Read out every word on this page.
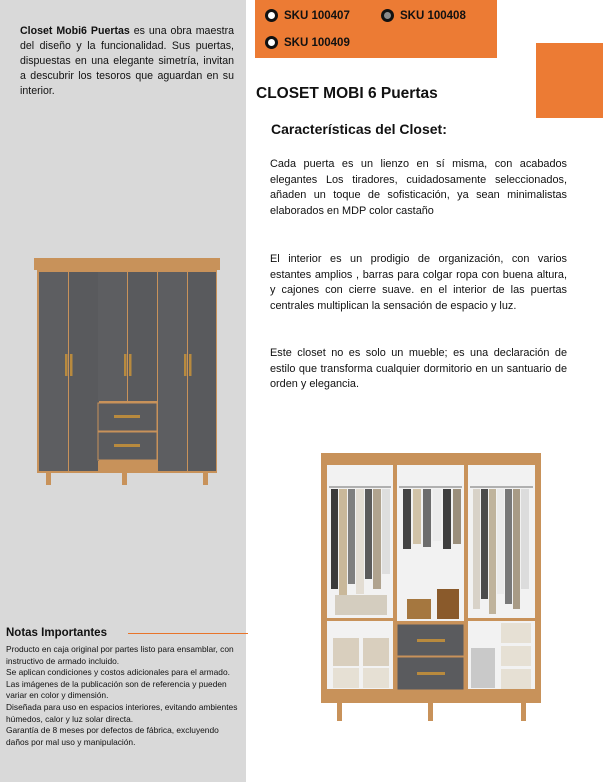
Closet Mobi6 Puertas es una obra maestra del diseño y la funcionalidad. Sus puertas, dispuestas en una elegante simetría, invitan a descubrir los tesoros que aguardan en su interior.

Notas Importantes

Producto en caja original por partes listo para ensamblar, con instructivo de armado incluido.
Se aplican condiciones y costos adicionales para el armado.
Las imágenes de la publicación son de referencia y pueden variar en color y dimensión.
Diseñada para uso en espacios interiores, evitando ambientes húmedos, calor y luz solar directa.
Garantía de 8 meses por defectos de fábrica, excluyendo daños por mal uso y manipulación.
SKU 100407	SKU 100408
SKU 100409
CLOSET MOBI 6 Puertas
Características del Closet:

Cada puerta es un lienzo en sí misma, con acabados elegantes Los tiradores, cuidadosamente seleccionados, añaden un toque de sofisticación, ya sean minimalistas elaborados en MDP color castaño

El interior es un prodigio de organización, con varios estantes amplios , barras para colgar ropa con buena altura, y cajones con cierre suave. en el interior de las puertas centrales multiplican la sensación de espacio y luz.

Este closet no es solo un mueble; es una declaración de estilo que transforma cualquier dormitorio en un santuario de orden y elegancia.
